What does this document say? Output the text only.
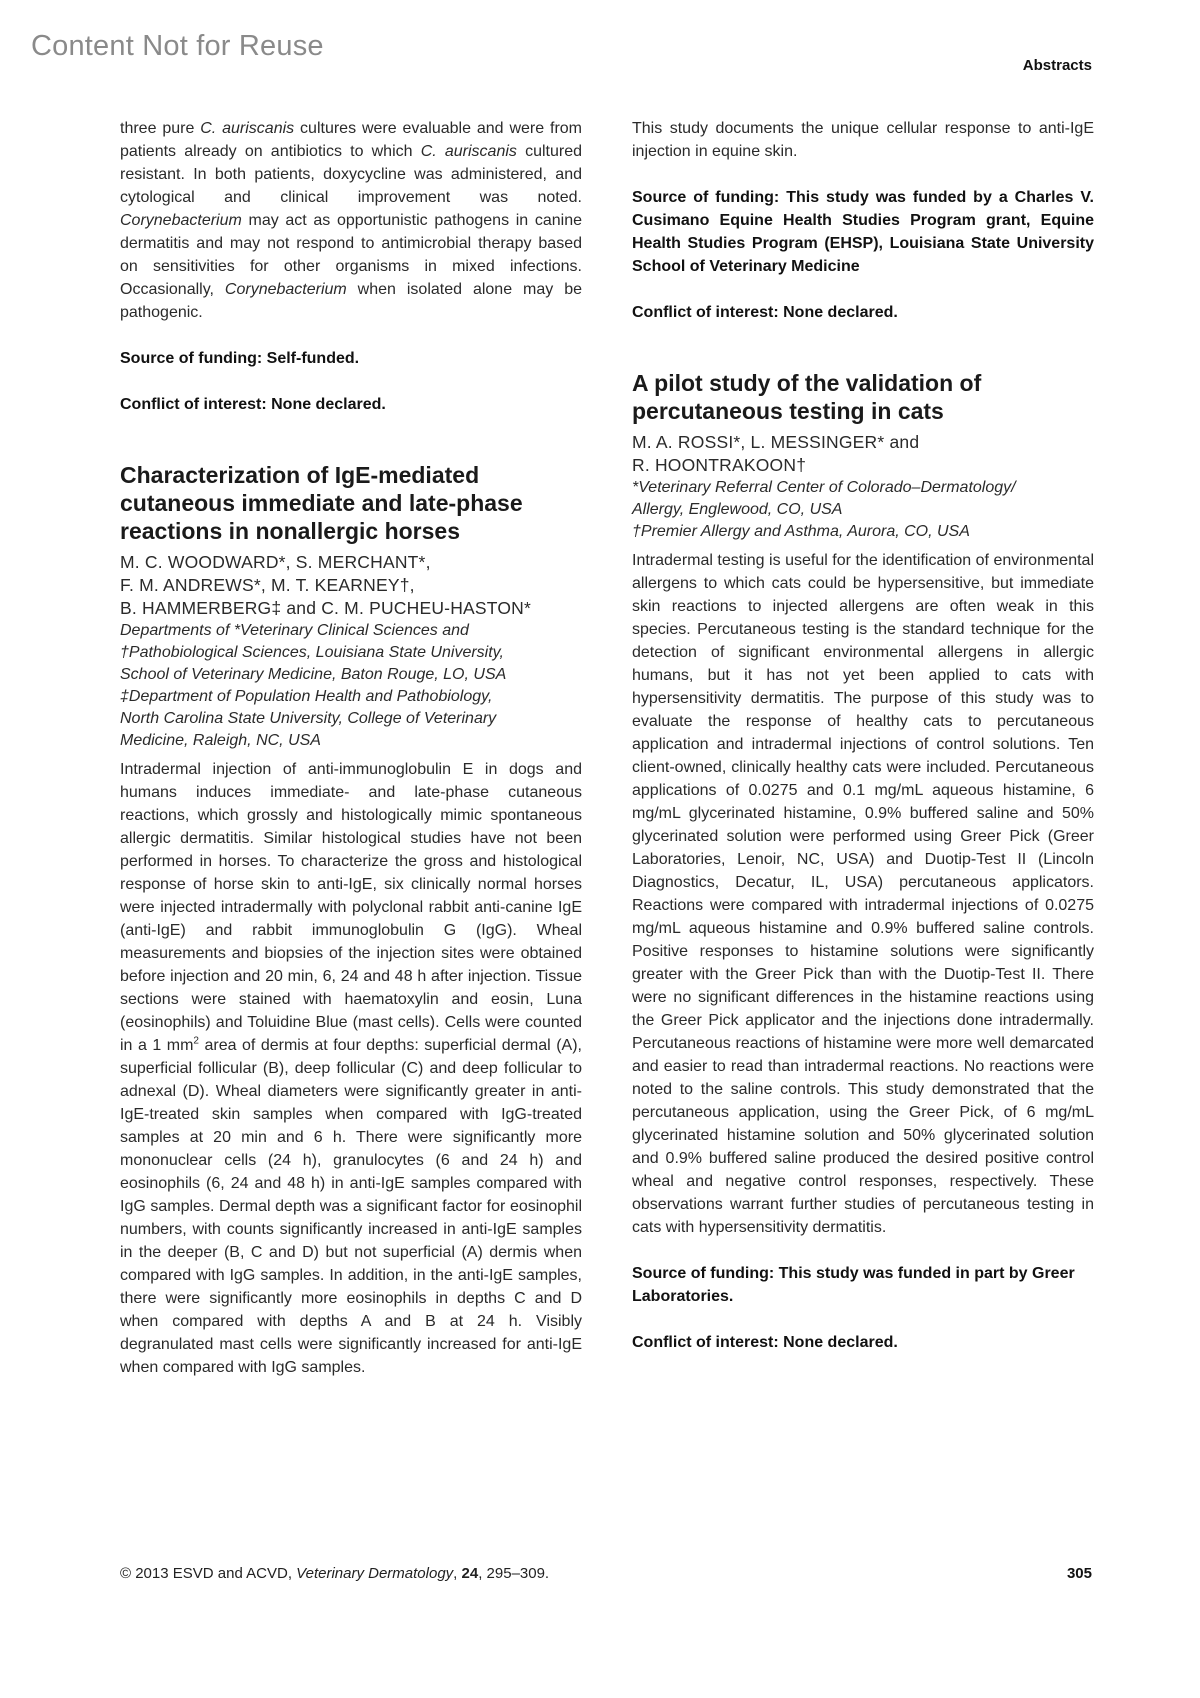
Content Not for Reuse
Abstracts

three pure C. auriscanis cultures were evaluable and were from patients already on antibiotics to which C. auriscanis cultured resistant. In both patients, doxycycline was administered, and cytological and clinical improvement was noted. Corynebacterium may act as opportunistic pathogens in canine dermatitis and may not respond to antimicrobial therapy based on sensitivities for other organisms in mixed infections. Occasionally, Corynebacterium when isolated alone may be pathogenic.

Source of funding: Self-funded.

Conflict of interest: None declared.

Characterization of IgE-mediated cutaneous immediate and late-phase reactions in nonallergic horses
M. C. WOODWARD*, S. MERCHANT*,
F. M. ANDREWS*, M. T. KEARNEY†,
B. HAMMERBERG‡ and C. M. PUCHEU-HASTON*
Departments of *Veterinary Clinical Sciences and
†Pathobiological Sciences, Louisiana State University,
School of Veterinary Medicine, Baton Rouge, LO, USA
‡Department of Population Health and Pathobiology,
North Carolina State University, College of Veterinary
Medicine, Raleigh, NC, USA

Intradermal injection of anti-immunoglobulin E in dogs and humans induces immediate- and late-phase cutaneous reactions, which grossly and histologically mimic spontaneous allergic dermatitis. Similar histological studies have not been performed in horses. To characterize the gross and histological response of horse skin to anti-IgE, six clinically normal horses were injected intradermally with polyclonal rabbit anti-canine IgE (anti-IgE) and rabbit immunoglobulin G (IgG). Wheal measurements and biopsies of the injection sites were obtained before injection and 20 min, 6, 24 and 48 h after injection. Tissue sections were stained with haematoxylin and eosin, Luna (eosinophils) and Toluidine Blue (mast cells). Cells were counted in a 1 $mm^2$ area of dermis at four depths: superficial dermal (A), superficial follicular (B), deep follicular (C) and deep follicular to adnexal (D). Wheal diameters were significantly greater in anti-IgE-treated skin samples when compared with IgG-treated samples at 20 min and 6 h. There were significantly more mononuclear cells (24 h), granulocytes (6 and 24 h) and eosinophils (6, 24 and 48 h) in anti-IgE samples compared with IgG samples. Dermal depth was a significant factor for eosinophil numbers, with counts significantly increased in anti-IgE samples in the deeper (B, C and D) but not superficial (A) dermis when compared with IgG samples. In addition, in the anti-IgE samples, there were significantly more eosinophils in depths C and D when compared with depths A and B at 24 h. Visibly degranulated mast cells were significantly increased for anti-IgE when compared with IgG samples.

This study documents the unique cellular response to anti-IgE injection in equine skin.

Source of funding: This study was funded by a Charles V. Cusimano Equine Health Studies Program grant, Equine Health Studies Program (EHSP), Louisiana State University School of Veterinary Medicine

Conflict of interest: None declared.

A pilot study of the validation of percutaneous testing in cats
M. A. ROSSI*, L. MESSINGER* and
R. HOONTRAKOON†
*Veterinary Referral Center of Colorado–Dermatology/
Allergy, Englewood, CO, USA
†Premier Allergy and Asthma, Aurora, CO, USA

Intradermal testing is useful for the identification of environmental allergens to which cats could be hypersensitive, but immediate skin reactions to injected allergens are often weak in this species. Percutaneous testing is the standard technique for the detection of significant environmental allergens in allergic humans, but it has not yet been applied to cats with hypersensitivity dermatitis. The purpose of this study was to evaluate the response of healthy cats to percutaneous application and intradermal injections of control solutions. Ten client-owned, clinically healthy cats were included. Percutaneous applications of 0.0275 and 0.1 mg/mL aqueous histamine, 6 mg/mL glycerinated histamine, 0.9% buffered saline and 50% glycerinated solution were performed using Greer Pick (Greer Laboratories, Lenoir, NC, USA) and Duotip-Test II (Lincoln Diagnostics, Decatur, IL, USA) percutaneous applicators. Reactions were compared with intradermal injections of 0.0275 mg/mL aqueous histamine and 0.9% buffered saline controls. Positive responses to histamine solutions were significantly greater with the Greer Pick than with the Duotip-Test II. There were no significant differences in the histamine reactions using the Greer Pick applicator and the injections done intradermally. Percutaneous reactions of histamine were more well demarcated and easier to read than intradermal reactions. No reactions were noted to the saline controls. This study demonstrated that the percutaneous application, using the Greer Pick, of 6 mg/mL glycerinated histamine solution and 50% glycerinated solution and 0.9% buffered saline produced the desired positive control wheal and negative control responses, respectively. These observations warrant further studies of percutaneous testing in cats with hypersensitivity dermatitis.

Source of funding: This study was funded in part by Greer Laboratories.

Conflict of interest: None declared.

© 2013 ESVD and ACVD, Veterinary Dermatology, 24, 295–309.	305
